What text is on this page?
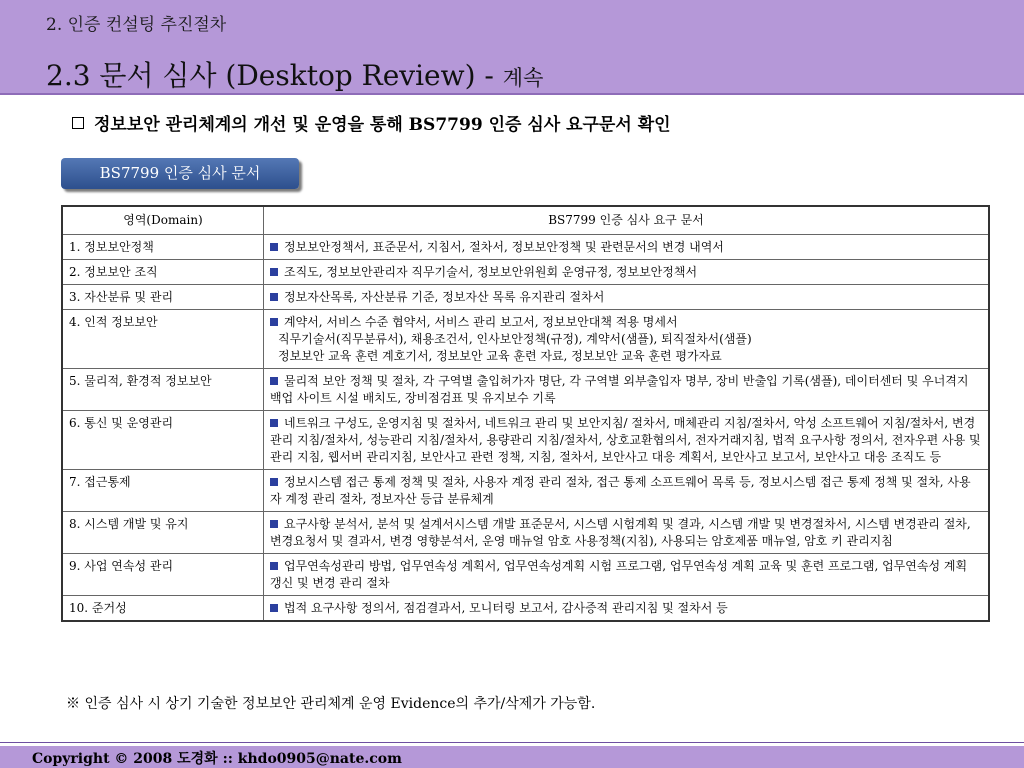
2. 인증 컨설팅 추진절차
2.3 문서 심사 (Desktop Review) - 계속
정보보안 관리체계의 개선 및 운영을 통해 BS7799 인증 심사 요구문서 확인
BS7799 인증 심사 문서
영역(Domain)	BS7799 인증 심사 요구 문서
1. 정보보안정책	정보보안정책서, 표준문서, 지침서, 절차서, 정보보안정책 및 관련문서의 변경 내역서
2. 정보보안 조직	조직도, 정보보안관리자 직무기술서, 정보보안위원회 운영규정, 정보보안정책서
3. 자산분류 및 관리	정보자산목록, 자산분류 기준, 정보자산 목록 유지관리 절차서
4. 인적 정보보안	계약서, 서비스 수준 협약서, 서비스 관리 보고서, 정보보안대책 적용 명세서
직무기술서(직무분류서), 채용조건서, 인사보안정책(규정), 계약서(샘플), 퇴직절차서(샘플)
정보보안 교육 훈련 계호기서, 정보보안 교육 훈련 자료, 정보보안 교육 훈련 평가자료

5. 물리적, 환경적 정보보안	물리적 보안 정책 및 절차, 각 구역별 출입허가자 명단, 각 구역별 외부출입자 명부, 장비 반출입 기록(샘플), 데이터센터 및 우너격지 백업 사이트 시설 배치도, 장비점검표 및 유지보수 기록
6. 통신 및 운영관리	네트워크 구성도, 운영지침 및 절차서, 네트워크 관리 및 보안지침/ 절차서, 매체관리 지침/절차서, 악성 소프트웨어 지침/절차서, 변경관리 지침/절차서, 성능관리 지침/절차서, 용량관리 지침/절차서, 상호교환협의서, 전자거래지침, 법적 요구사항 정의서, 전자우편 사용 및 관리 지침, 웹서버 관리지침, 보안사고 관련 정책, 지침, 절차서, 보안사고 대응 계획서, 보안사고 보고서, 보안사고 대응 조직도 등
7. 접근통제	정보시스템 접근 통제 정책 및 절차, 사용자 계정 관리 절차, 접근 통제 소프트웨어 목록 등, 정보시스템 접근 통제 정책 및 절차, 사용자 계정 관리 절차, 정보자산 등급 분류체계
8. 시스템 개발 및 유지	요구사항 분석서, 분석 및 설계서시스템 개발 표준문서, 시스템 시험계획 및 결과, 시스템 개발 및 변경절차서, 시스템 변경관리 절차, 변경요청서 및 결과서, 변경 영향분석서, 운영 매뉴얼 암호 사용정책(지침), 사용되는 암호제품 매뉴얼, 암호 키 관리지침
9. 사업 연속성 관리	업무연속성관리 방법, 업무연속성 계획서, 업무연속성계획 시험 프로그램, 업무연속성 계획 교육 및 훈련 프로그램, 업무연속성 계획 갱신 및 변경 관리 절차
10. 준거성	법적 요구사항 정의서, 점검결과서, 모니터링 보고서, 감사증적 관리지침 및 절차서 등
※ 인증 심사 시 상기 기술한 정보보안 관리체계 운영 Evidence의 추가/삭제가 가능함.
Copyright © 2008 도경화 :: khdo0905@nate.com
